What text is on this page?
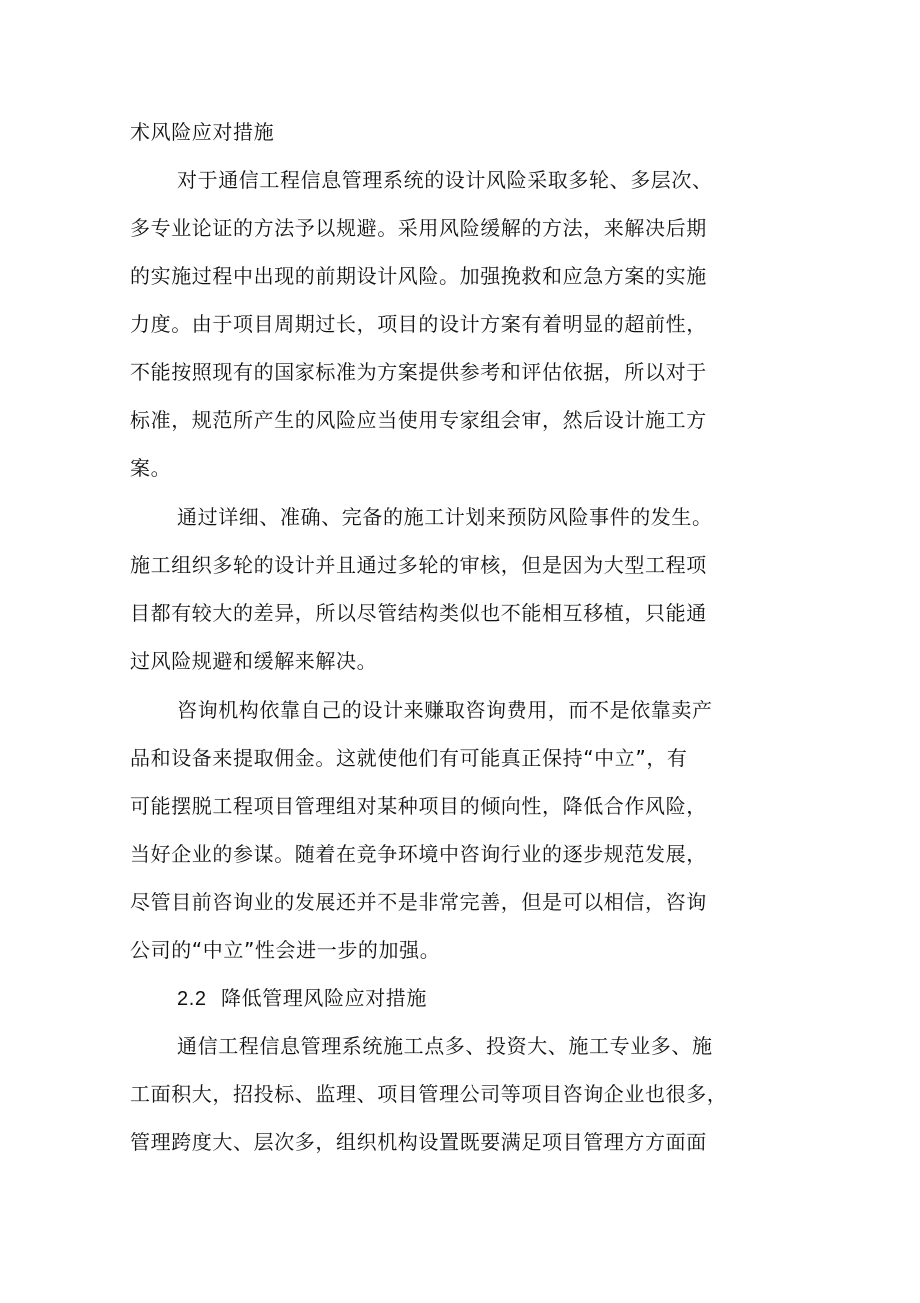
术风险应对措施

对于通信工程信息管理系统的设计风险采取多轮、多层次、

多专业论证的方法予以规避。采用风险缓解的方法，来解决后期

的实施过程中出现的前期设计风险。加强挽救和应急方案的实施

力度。由于项目周期过长，项目的设计方案有着明显的超前性，

不能按照现有的国家标准为方案提供参考和评估依据，所以对于

标准，规范所产生的风险应当使用专家组会审，然后设计施工方

案。

通过详细、准确、完备的施工计划来预防风险事件的发生。

施工组织多轮的设计并且通过多轮的审核，但是因为大型工程项

目都有较大的差异，所以尽管结构类似也不能相互移植，只能通

过风险规避和缓解来解决。

咨询机构依靠自己的设计来赚取咨询费用，而不是依靠卖产

品和设备来提取佣金。这就使他们有可能真正保持“中立”，有

可能摆脱工程项目管理组对某种项目的倾向性，降低合作风险，

当好企业的参谋。随着在竞争环境中咨询行业的逐步规范发展，

尽管目前咨询业的发展还并不是非常完善，但是可以相信，咨询

公司的“中立”性会进一步的加强。

2.2 降低管理风险应对措施

通信工程信息管理系统施工点多、投资大、施工专业多、施

工面积大，招投标、监理、项目管理公司等项目咨询企业也很多，

管理跨度大、层次多，组织机构设置既要满足项目管理方方面面
